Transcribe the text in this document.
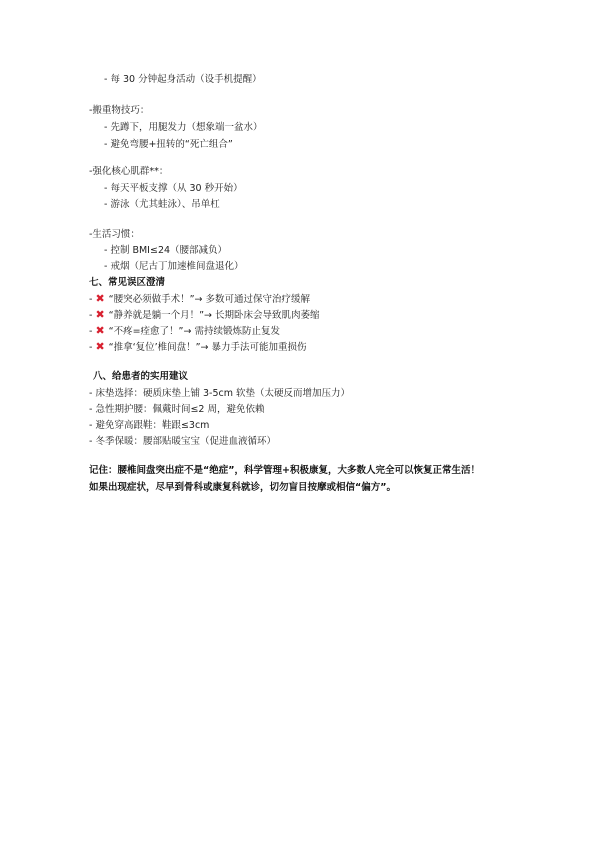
- 每 30 分钟起身活动（设手机提醒）
-搬重物技巧：
- 先蹲下，用腿发力（想象端一盆水）
- 避免弯腰+扭转的“死亡组合”
-强化核心肌群**：
- 每天平板支撑（从 30 秒开始）
- 游泳（尤其蛙泳）、吊单杠
-生活习惯：
- 控制 BMI≤24（腰部减负）
- 戒烟（尼古丁加速椎间盘退化）
七、常见误区澄清
- ✖ “腰突必须做手术！”→ 多数可通过保守治疗缓解
- ✖ “静养就是躺一个月！”→ 长期卧床会导致肌肉萎缩
- ✖ “不疼=痊愈了！”→ 需持续锻炼防止复发
- ✖ “推拿‘复位’椎间盘！”→ 暴力手法可能加重损伤
八、给患者的实用建议
- 床垫选择：硬质床垫上铺 3-5cm 软垫（太硬反而增加压力）
- 急性期护腰：佩戴时间≤2 周，避免依赖
- 避免穿高跟鞋：鞋跟≤3cm
- 冬季保暖：腰部贴暖宝宝（促进血液循环）
记住：腰椎间盘突出症不是“绝症”，科学管理+积极康复，大多数人完全可以恢复正常生活！
如果出现症状，尽早到骨科或康复科就诊，切勿盲目按摩或相信“偏方”。
